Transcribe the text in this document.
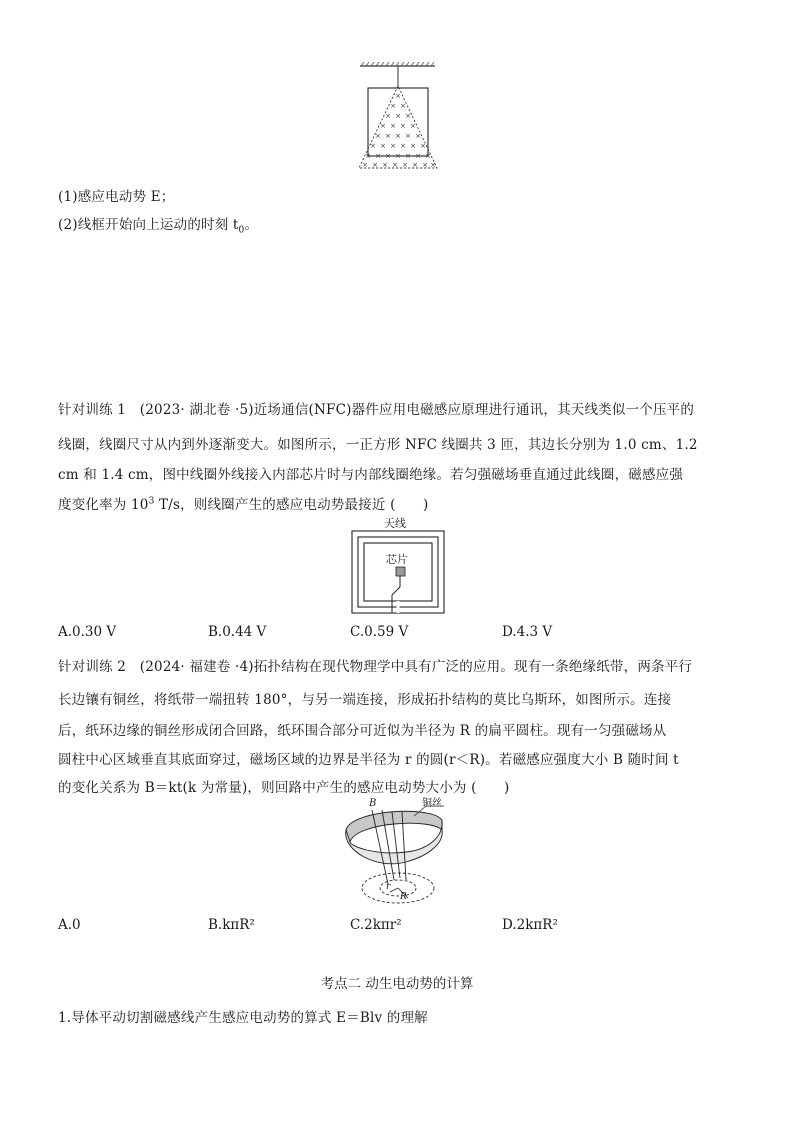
×
× ×
× × ×
× × × ×
× × × × ×
× × × × × ×
× × × × × × ×
× × × × × × × ×
(1)感应电动势 E；
(2)线框开始向上运动的时刻 $t_0$。
针对训练 1　(2023· 湖北卷 ·5)近场通信(NFC)器件应用电磁感应原理进行通讯，其天线类似一个压平的
线圈，线圈尺寸从内到外逐渐变大。如图所示，一正方形 NFC 线圈共 3 匝，其边长分别为 1.0 cm、1.2
cm 和 1.4 cm，图中线圈外线接入内部芯片时与内部线圈绝缘。若匀强磁场垂直通过此线圈，磁感应强
度变化率为 $10^3$ T/s，则线圈产生的感应电动势最接近 (　　)
天线
芯片
A.0.30 V	B.0.44 V	C.0.59 V	D.4.3 V
针对训练 2　(2024· 福建卷 ·4)拓扑结构在现代物理学中具有广泛的应用。现有一条绝缘纸带，两条平行
长边镶有铜丝，将纸带一端扭转 180°，与另一端连接，形成拓扑结构的莫比乌斯环，如图所示。连接
后，纸环边缘的铜丝形成闭合回路，纸环围合部分可近似为半径为 R 的扁平圆柱。现有一匀强磁场从
圆柱中心区域垂直其底面穿过，磁场区域的边界是半径为 r 的圆(r＜R)。若磁感应强度大小 B 随时间 t
的变化关系为 B＝kt(k 为常量)，则回路中产生的感应电动势大小为 (　　)
B	铜丝
r
R
A.0	B.kπR²	C.2kπr²	D.2kπR²
考点二 动生电动势的计算
1.导体平动切割磁感线产生感应电动势的算式 E＝Blv 的理解
